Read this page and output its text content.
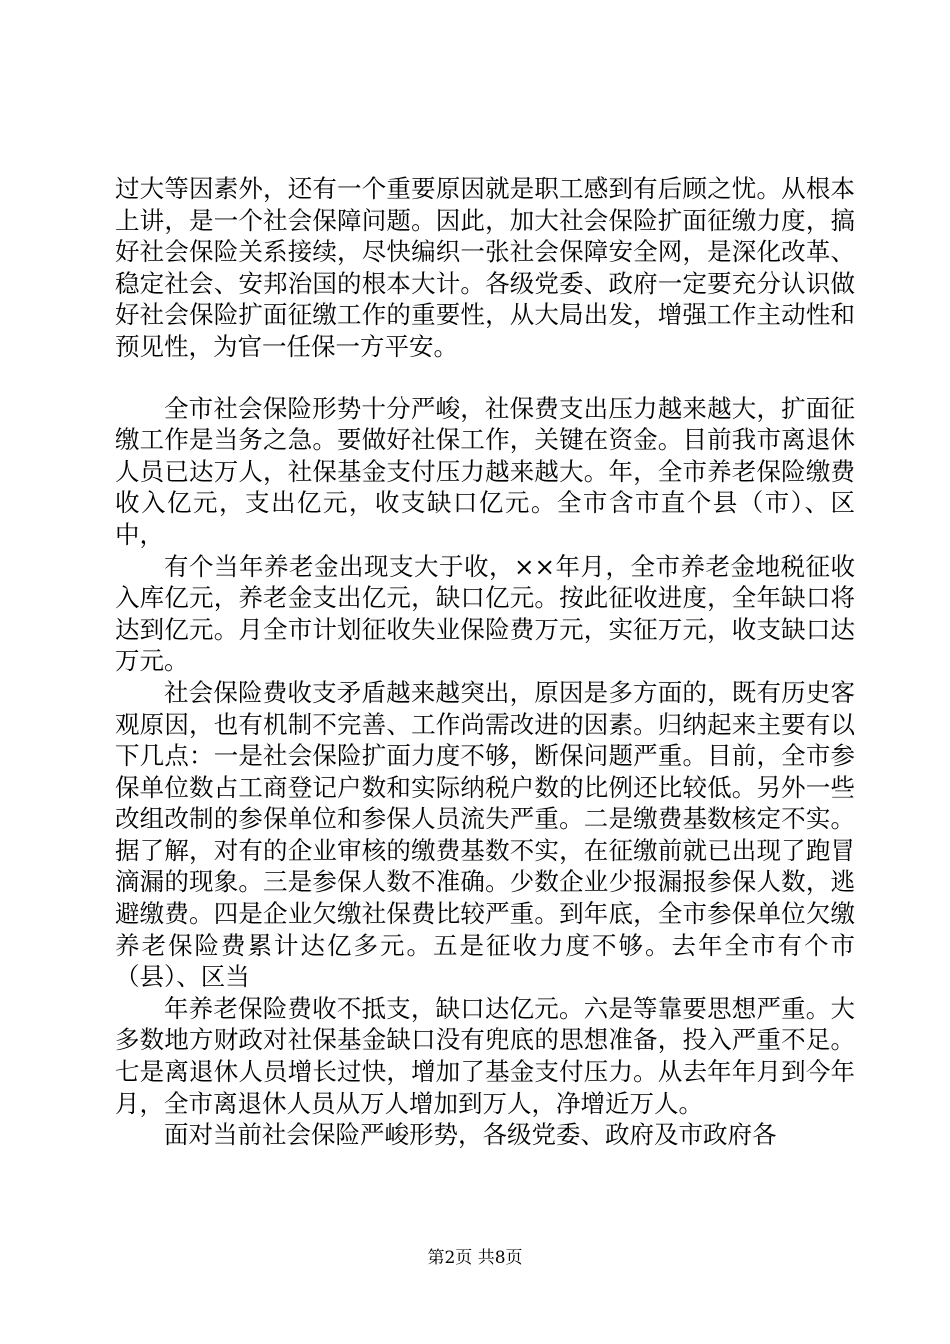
过大等因素外，还有一个重要原因就是职工感到有后顾之忧。从根本上讲，是一个社会保障问题。因此，加大社会保险扩面征缴力度，搞好社会保险关系接续，尽快编织一张社会保障安全网，是深化改革、稳定社会、安邦治国的根本大计。各级党委、政府一定要充分认识做好社会保险扩面征缴工作的重要性，从大局出发，增强工作主动性和预见性，为官一任保一方平安。

全市社会保险形势十分严峻，社保费支出压力越来越大，扩面征缴工作是当务之急。要做好社保工作，关键在资金。目前我市离退休人员已达万人，社保基金支付压力越来越大。年，全市养老保险缴费收入亿元，支出亿元，收支缺口亿元。全市含市直个县（市）、区中，

有个当年养老金出现支大于收，××年月，全市养老金地税征收入库亿元，养老金支出亿元，缺口亿元。按此征收进度，全年缺口将达到亿元。月全市计划征收失业保险费万元，实征万元，收支缺口达万元。

社会保险费收支矛盾越来越突出，原因是多方面的，既有历史客观原因，也有机制不完善、工作尚需改进的因素。归纳起来主要有以下几点：一是社会保险扩面力度不够，断保问题严重。目前，全市参保单位数占工商登记户数和实际纳税户数的比例还比较低。另外一些改组改制的参保单位和参保人员流失严重。二是缴费基数核定不实。据了解，对有的企业审核的缴费基数不实，在征缴前就已出现了跑冒滴漏的现象。三是参保人数不准确。少数企业少报漏报参保人数，逃避缴费。四是企业欠缴社保费比较严重。到年底，全市参保单位欠缴养老保险费累计达亿多元。五是征收力度不够。去年全市有个市（县）、区当

年养老保险费收不抵支，缺口达亿元。六是等靠要思想严重。大多数地方财政对社保基金缺口没有兜底的思想准备，投入严重不足。七是离退休人员增长过快，增加了基金支付压力。从去年年月到今年月，全市离退休人员从万人增加到万人，净增近万人。

面对当前社会保险严峻形势，各级党委、政府及市政府各

第2页 共8页
